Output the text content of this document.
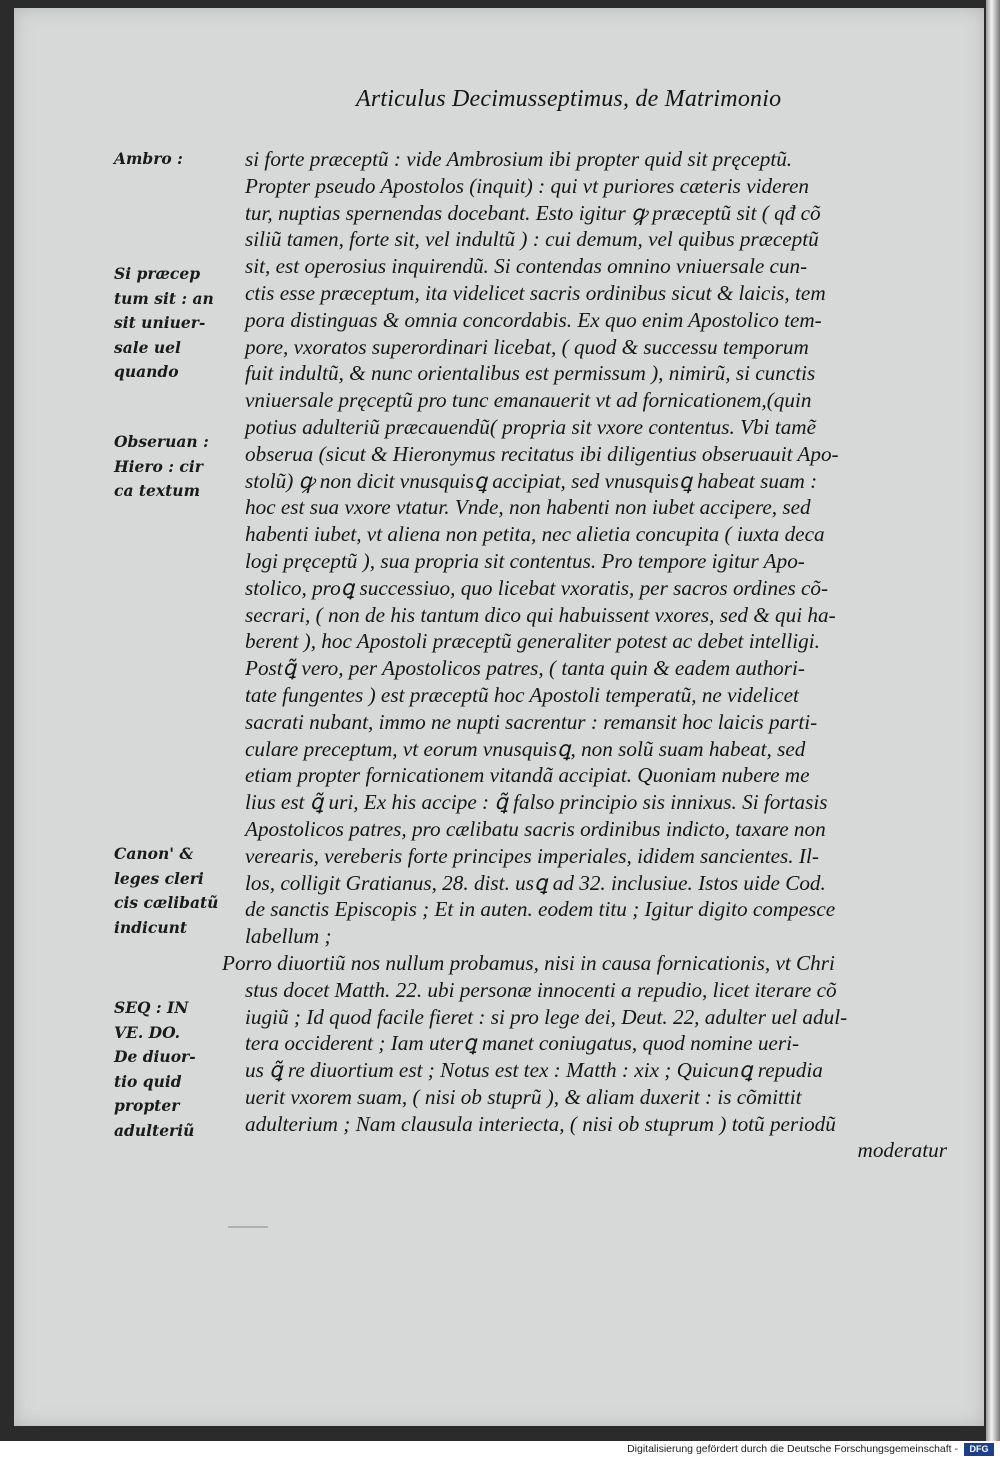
Articulus Decimusseptimus, de Matrimonio
Ambro :
Si præcep
tum sit : an
sit uniuer-
sale uel
quando
Obseruan :
Hiero : cir
ca textum
Canon' &
leges cleri
cis cælibatũ
indicunt
SEQ : IN
VE. DO.
De diuor-
tio quid
propter
adulteriũ
si forte præceptũ : vide Ambrosium ibi propter quid sit pręceptũ.
Propter pseudo Apostolos (inquit) : qui vt puriores cæteris videren
tur, nuptias spernendas docebant. Esto igitur ꝙ præceptũ sit ( qđ cõ
siliũ tamen, forte sit, vel indultũ ) : cui demum, vel quibus præceptũ
sit, est operosius inquirendũ. Si contendas omnino vniuersale cun-
ctis esse præceptum, ita videlicet sacris ordinibus sicut & laicis, tem
pora distinguas & omnia concordabis. Ex quo enim Apostolico tem-
pore, vxoratos superordinari licebat, ( quod & successu temporum
fuit indultũ, & nunc orientalibus est permissum ), nimirũ, si cunctis
vniuersale pręceptũ pro tunc emanauerit vt ad fornicationem,(quin
potius adulteriũ præcauendũ( propria sit vxore contentus. Vbi tamẽ
obserua (sicut & Hieronymus recitatus ibi diligentius obseruauit Apo-
stolũ) ꝙ non dicit vnusquisꝗ accipiat, sed vnusquisꝗ habeat suam :
hoc est sua vxore vtatur. Vnde, non habenti non iubet accipere, sed
habenti iubet, vt aliena non petita, nec alietia concupita ( iuxta deca
logi pręceptũ ), sua propria sit contentus. Pro tempore igitur Apo-
stolico, proꝗ successiuo, quo licebat vxoratis, per sacros ordines cõ-
secrari, ( non de his tantum dico qui habuissent vxores, sed & qui ha-
berent ), hoc Apostoli præceptũ generaliter potest ac debet intelligi.
Postꝗ̃ vero, per Apostolicos patres, ( tanta quin & eadem authori-
tate fungentes ) est præceptũ hoc Apostoli temperatũ, ne videlicet
sacrati nubant, immo ne nupti sacrentur : remansit hoc laicis parti-
culare preceptum, vt eorum vnusquisꝗ, non solũ suam habeat, sed
etiam propter fornicationem vitandã accipiat. Quoniam nubere me
lius est ꝗ̃ uri, Ex his accipe : ꝗ̃ falso principio sis innixus. Si fortasis
Apostolicos patres, pro cælibatu sacris ordinibus indicto, taxare non
verearis, vereberis forte principes imperiales, ididem sancientes. Il-
los, colligit Gratianus, 28. dist. usꝗ ad 32. inclusiue. Istos uide Cod.
de sanctis Episcopis ; Et in auten. eodem titu ; Igitur digito compesce
labellum ;
Porro diuortiũ nos nullum probamus, nisi in causa fornicationis, vt Chri
stus docet Matth. 22. ubi personæ innocenti a repudio, licet iterare cõ
iugiũ ; Id quod facile fieret : si pro lege dei, Deut. 22, adulter uel adul-
tera occiderent ; Iam uterꝗ manet coniugatus, quod nomine ueri-
us ꝗ̃ re diuortium est ; Notus est tex : Matth : xix ; Quicunꝗ repudia
uerit vxorem suam, ( nisi ob stuprũ ), & aliam duxerit : is cõmittit
adulterium ; Nam clausula interiecta, ( nisi ob stuprum ) totũ periodũ
moderatur
Digitalisierung gefördert durch die Deutsche Forschungsgemeinschaft -	DFG
